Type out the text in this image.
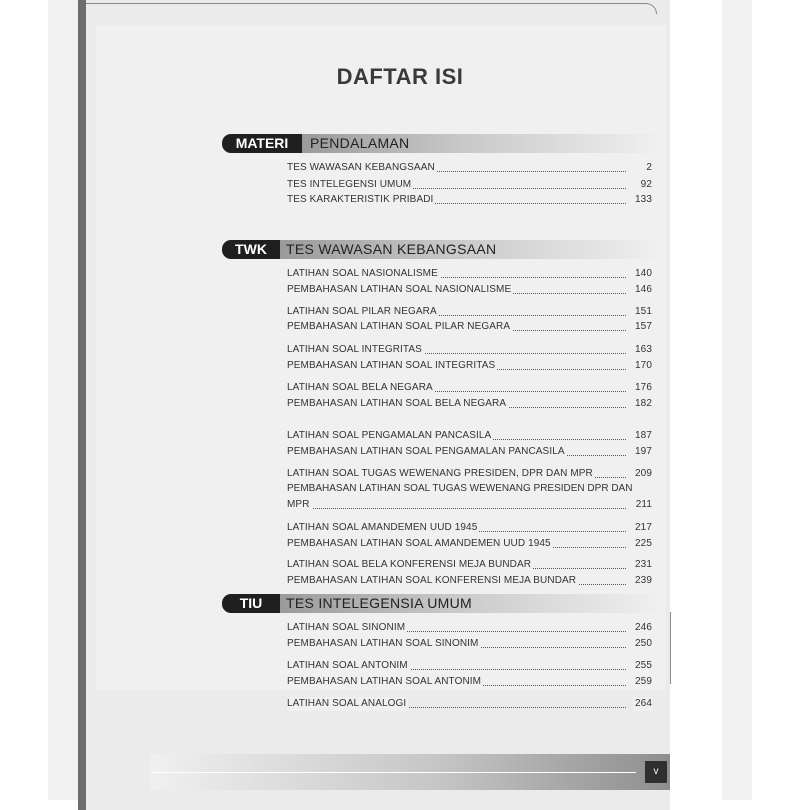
DAFTAR ISI
MATERI	PENDALAMAN
TES WAWASAN KEBANGSAAN	2
TES INTELEGENSI UMUM	92
TES KARAKTERISTIK PRIBADI	133
TWK	TES WAWASAN KEBANGSAAN
LATIHAN SOAL NASIONALISME	140
PEMBAHASAN LATIHAN SOAL NASIONALISME	146
LATIHAN SOAL PILAR NEGARA	151
PEMBAHASAN LATIHAN SOAL PILAR NEGARA	157
LATIHAN SOAL INTEGRITAS	163
PEMBAHASAN LATIHAN SOAL INTEGRITAS	170
LATIHAN SOAL BELA NEGARA	176
PEMBAHASAN LATIHAN SOAL BELA NEGARA	182
LATIHAN SOAL PENGAMALAN PANCASILA	187
PEMBAHASAN LATIHAN SOAL PENGAMALAN PANCASILA	197
LATIHAN SOAL TUGAS WEWENANG PRESIDEN, DPR DAN MPR	209
PEMBAHASAN LATIHAN SOAL TUGAS WEWENANG PRESIDEN DPR DAN
MPR	211
LATIHAN SOAL AMANDEMEN UUD 1945	217
PEMBAHASAN LATIHAN SOAL AMANDEMEN UUD 1945	225
LATIHAN SOAL BELA KONFERENSI MEJA BUNDAR	231
PEMBAHASAN LATIHAN SOAL KONFERENSI MEJA BUNDAR	239
TIU	TES INTELEGENSIA UMUM
LATIHAN SOAL SINONIM	246
PEMBAHASAN LATIHAN SOAL SINONIM	250
LATIHAN SOAL ANTONIM	255
PEMBAHASAN LATIHAN SOAL ANTONIM	259
LATIHAN SOAL ANALOGI	264
v
